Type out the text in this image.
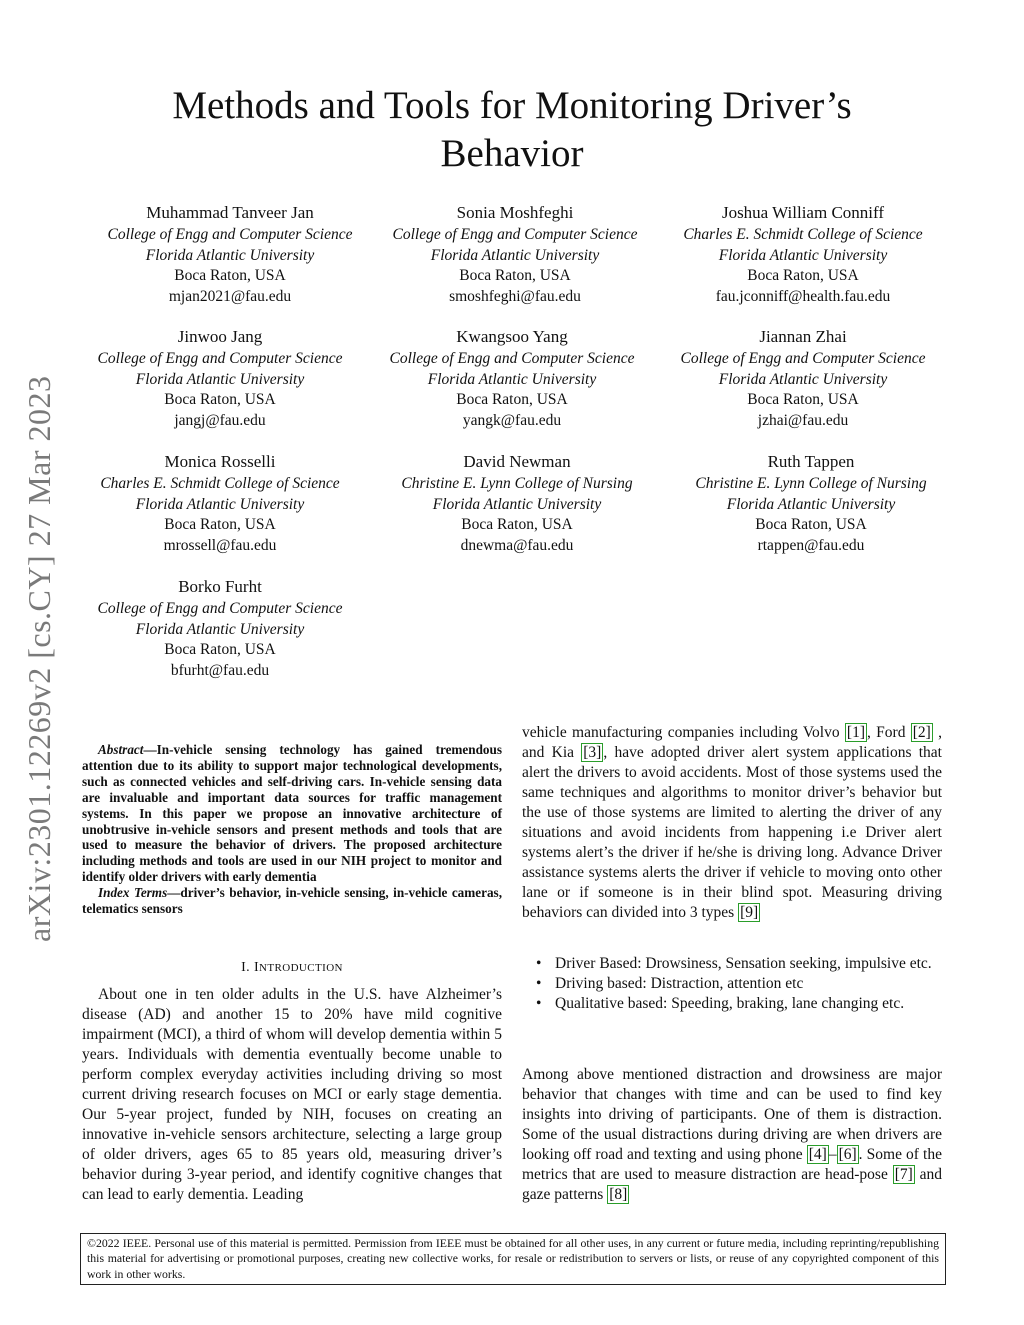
arXiv:2301.12269v2 [cs.CY] 27 Mar 2023
Methods and Tools for Monitoring Driver’s
Behavior
Muhammad Tanveer Jan
College of Engg and Computer Science
Florida Atlantic University
Boca Raton, USA
mjan2021@fau.edu
Sonia Moshfeghi
College of Engg and Computer Science
Florida Atlantic University
Boca Raton, USA
smoshfeghi@fau.edu
Joshua William Conniff
Charles E. Schmidt College of Science
Florida Atlantic University
Boca Raton, USA
fau.jconniff@health.fau.edu
Jinwoo Jang
College of Engg and Computer Science
Florida Atlantic University
Boca Raton, USA
jangj@fau.edu
Kwangsoo Yang
College of Engg and Computer Science
Florida Atlantic University
Boca Raton, USA
yangk@fau.edu
Jiannan Zhai
College of Engg and Computer Science
Florida Atlantic University
Boca Raton, USA
jzhai@fau.edu
Monica Rosselli
Charles E. Schmidt College of Science
Florida Atlantic University
Boca Raton, USA
mrossell@fau.edu
David Newman
Christine E. Lynn College of Nursing
Florida Atlantic University
Boca Raton, USA
dnewma@fau.edu
Ruth Tappen
Christine E. Lynn College of Nursing
Florida Atlantic University
Boca Raton, USA
rtappen@fau.edu
Borko Furht
College of Engg and Computer Science
Florida Atlantic University
Boca Raton, USA
bfurht@fau.edu

Abstract—In-vehicle sensing technology has gained tremendous attention due to its ability to support major technological developments, such as connected vehicles and self-driving cars. In-vehicle sensing data are invaluable and important data sources for traffic management systems. In this paper we propose an innovative architecture of unobtrusive in-vehicle sensors and present methods and tools that are used to measure the behavior of drivers. The proposed architecture including methods and tools are used in our NIH project to monitor and identify older drivers with early dementia

Index Terms—driver’s behavior, in-vehicle sensing, in-vehicle cameras, telematics sensors

I. INTRODUCTION

About one in ten older adults in the U.S. have Alzheimer’s disease (AD) and another 15 to 20% have mild cognitive impairment (MCI), a third of whom will develop dementia within 5 years. Individuals with dementia eventually become unable to perform complex everyday activities including driving so most current driving research focuses on MCI or early stage dementia. Our 5-year project, funded by NIH, focuses on creating an innovative in-vehicle sensors architecture, selecting a large group of older drivers, ages 65 to 85 years old, measuring driver’s behavior during 3-year period, and identify cognitive changes that can lead to early dementia. Leading

vehicle manufacturing companies including Volvo [1] , Ford [2] , and Kia [3] , have adopted driver alert system applications that alert the drivers to avoid accidents. Most of those systems used the same techniques and algorithms to monitor driver’s behavior but the use of those systems are limited to alerting the driver of any situations and avoid incidents from happening i.e Driver alert systems alert’s the driver if he/she is driving long. Advance Driver assistance systems alerts the driver if vehicle to moving onto other lane or if someone is in their blind spot. Measuring driving behaviors can divided into 3 types [9]

• Driver Based: Drowsiness, Sensation seeking, impulsive etc.
• Driving based: Distraction, attention etc
• Qualitative based: Speeding, braking, lane changing etc.

Among above mentioned distraction and drowsiness are major behavior that changes with time and can be used to find key insights into driving of participants. One of them is distraction. Some of the usual distractions during driving are when drivers are looking off road and texting and using phone [4] – [6] . Some of the metrics that are used to measure distraction are head-pose [7] and gaze patterns [8]

©2022 IEEE. Personal use of this material is permitted. Permission from IEEE must be obtained for all other uses, in any current or future media, including reprinting/republishing this material for advertising or promotional purposes, creating new collective works, for resale or redistribution to servers or lists, or reuse of any copyrighted component of this work in other works.
